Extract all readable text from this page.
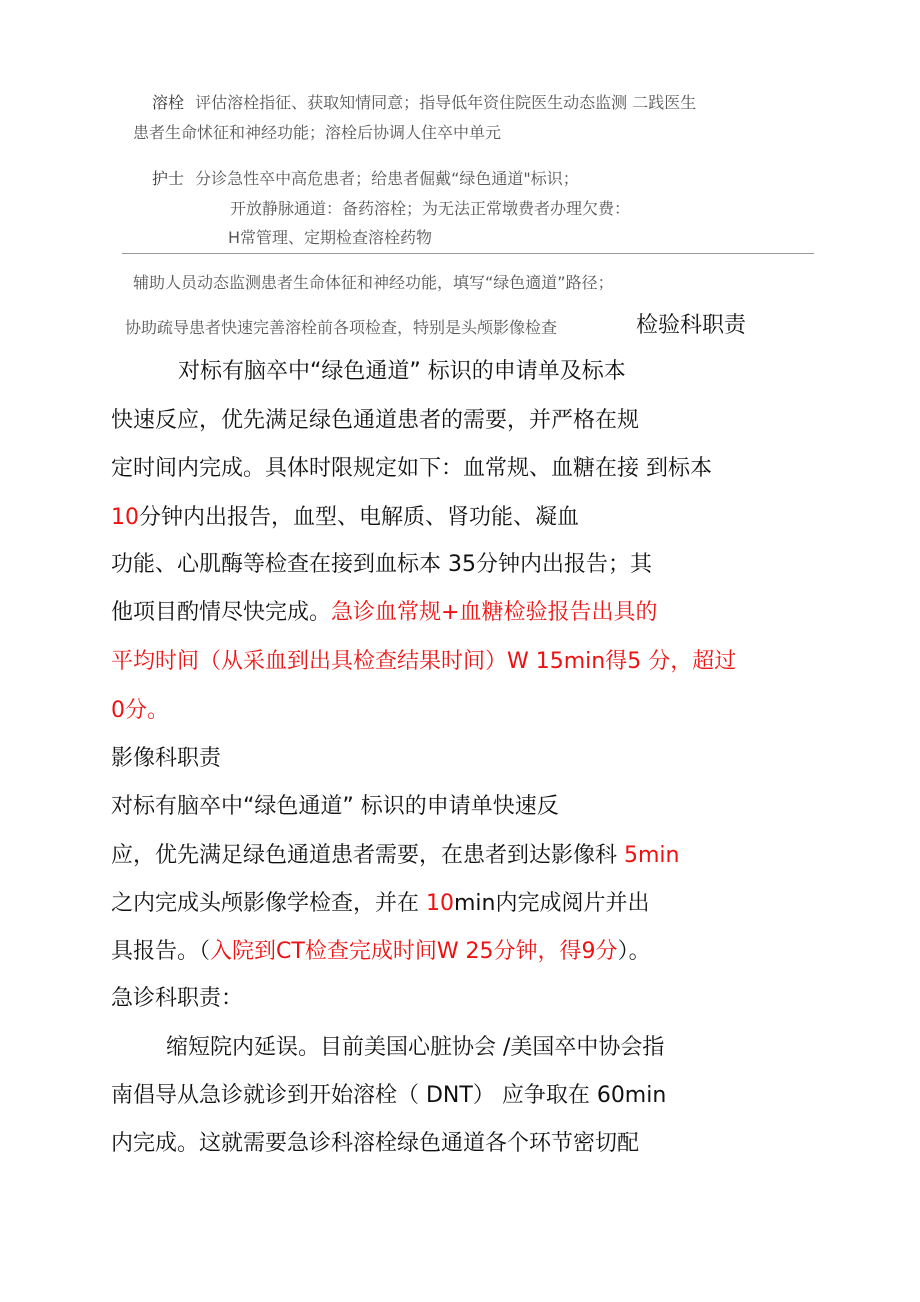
溶栓 评估溶栓指征、获取知情同意；指导低年资住院医生动态监测 二践医生
患者生命怵征和神经功能；溶栓后协调人住卒中单元
护士 分诊急性卒中高危患者；给患者倔戴“绿色通道"标识；
开放静脉通道：备药溶栓；为无法正常墩费者办理欠费：
H常管理、定期检查溶栓药物
辅助人员动态监测患者生命体征和神经功能，填写“绿色適道”路径；
协助疏导患者快速完善溶栓前各项检查，特别是头颅影像检查	检验科职责
对标有脑卒中“绿色通道” 标识的申请单及标本
快速反应，优先满足绿色通道患者的需要，并严格在规
定时间内完成。具体时限规定如下：血常规、血糖在接 到标本
10分钟内出报告，血型、电解质、肾功能、凝血
功能、心肌酶等检查在接到血标本 35分钟内出报告；其
他项目酌情尽快完成。急诊血常规+血糖检验报告出具的
平均时间（从采血到出具检查结果时间）W 15min得5 分，超过
0分。
影像科职责
对标有脑卒中“绿色通道” 标识的申请单快速反
应，优先满足绿色通道患者需要，在患者到达影像科 5min
之内完成头颅影像学检查，并在 10min内完成阅片并出
具报告。（入院到CT检查完成时间W 25分钟，得9分）。
急诊科职责：
缩短院内延误。目前美国心脏协会 /美国卒中协会指
南倡导从急诊就诊到开始溶栓（ DNT） 应争取在 60min
内完成。这就需要急诊科溶栓绿色通道各个环节密切配
